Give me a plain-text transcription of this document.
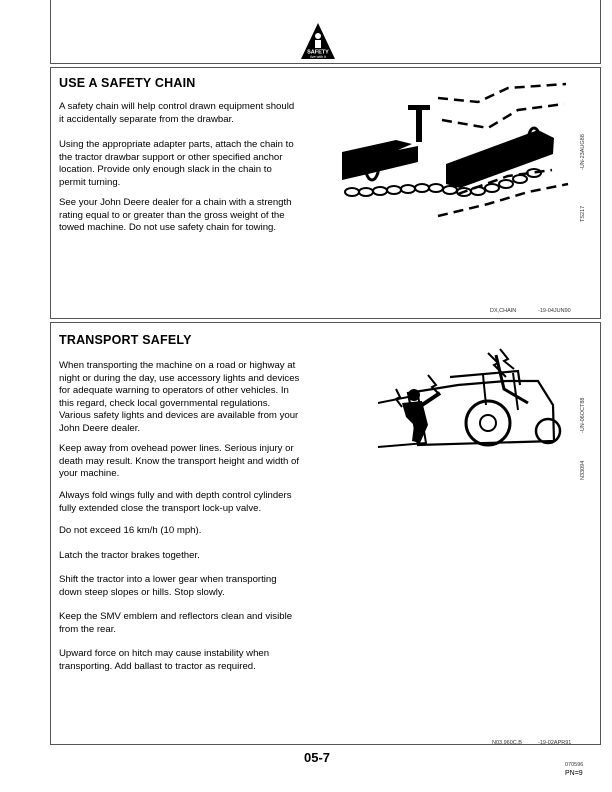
SAFETY
live with it
USE A SAFETY CHAIN
A safety chain will help control drawn equipment should
it accidentally separate from the drawbar.
Using the appropriate adapter parts, attach the chain to
the tractor drawbar support or other specified anchor
location. Provide only enough slack in the chain to
permit turning.
See your John Deere dealer for a chain with a strength
rating equal to or greater than the gross weight of the
towed machine. Do not use safety chain for towing.
TS217
-UN-23AUG88
DX,CHAIN	-19-04JUN90
TRANSPORT SAFELY
When transporting the machine on a road or highway at
night or during the day, use accessory lights and devices
for adequate warning to operators of other vehicles. In
this regard, check local governmental regulations.
Various safety lights and devices are available from your
John Deere dealer.
Keep away from ovehead power lines. Serious injury or
death may result. Know the transport height and width of
your machine.
Always fold wings fully and with depth control cylinders
fully extended close the transport lock-up valve.
Do not exceed 16 km/h (10 mph).
Latch the tractor brakes together.
Shift the tractor into a lower gear when transporting
down steep slopes or hills. Stop slowly.
Keep the SMV emblem and reflectors clean and visible
from the rear.
Upward force on hitch may cause instability when
transporting. Add ballast to tractor as required.
N33094
-UN-06OCT88
N03,960C,B	-19-02APR91
05-7	070596
PN=9
